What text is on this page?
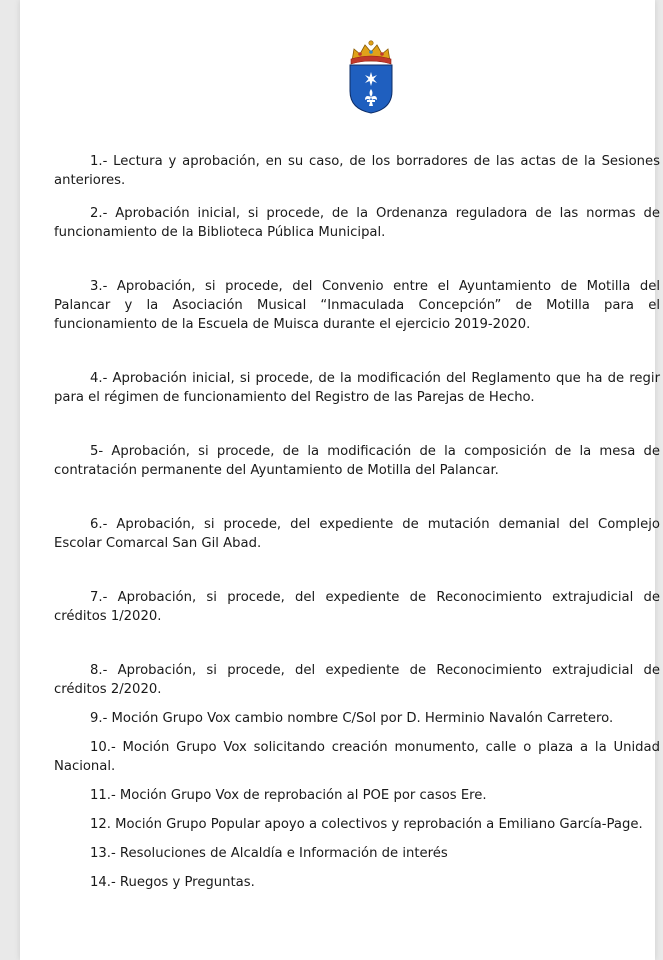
1.- Lectura y aprobación, en su caso, de los borradores de las actas de la Sesiones anteriores.

2.- Aprobación inicial, si procede, de la Ordenanza reguladora de las normas de funcionamiento de la Biblioteca Pública Municipal.

3.- Aprobación, si procede, del Convenio entre el Ayuntamiento de Motilla del Palancar y la Asociación Musical “Inmaculada Concepción” de Motilla para el funcionamiento de la Escuela de Muisca durante el ejercicio 2019-2020.

4.- Aprobación inicial, si procede, de la modificación del Reglamento que ha de regir para el régimen de funcionamiento del Registro de las Parejas de Hecho.

5- Aprobación, si procede, de la modificación de la composición de la mesa de contratación permanente del Ayuntamiento de Motilla del Palancar.

6.- Aprobación, si procede, del expediente de mutación demanial del Complejo Escolar Comarcal San Gil Abad.

7.- Aprobación, si procede, del expediente de Reconocimiento extrajudicial de créditos 1/2020.

8.- Aprobación, si procede, del expediente de Reconocimiento extrajudicial de créditos 2/2020.

9.- Moción Grupo Vox cambio nombre C/Sol por D. Herminio Navalón Carretero.

10.- Moción Grupo Vox solicitando creación monumento, calle o plaza a la Unidad Nacional.

11.- Moción Grupo Vox de reprobación al POE por casos Ere.

12. Moción Grupo Popular apoyo a colectivos y reprobación a Emiliano García-Page.

13.- Resoluciones de Alcaldía e Información de interés

14.- Ruegos y Preguntas.
